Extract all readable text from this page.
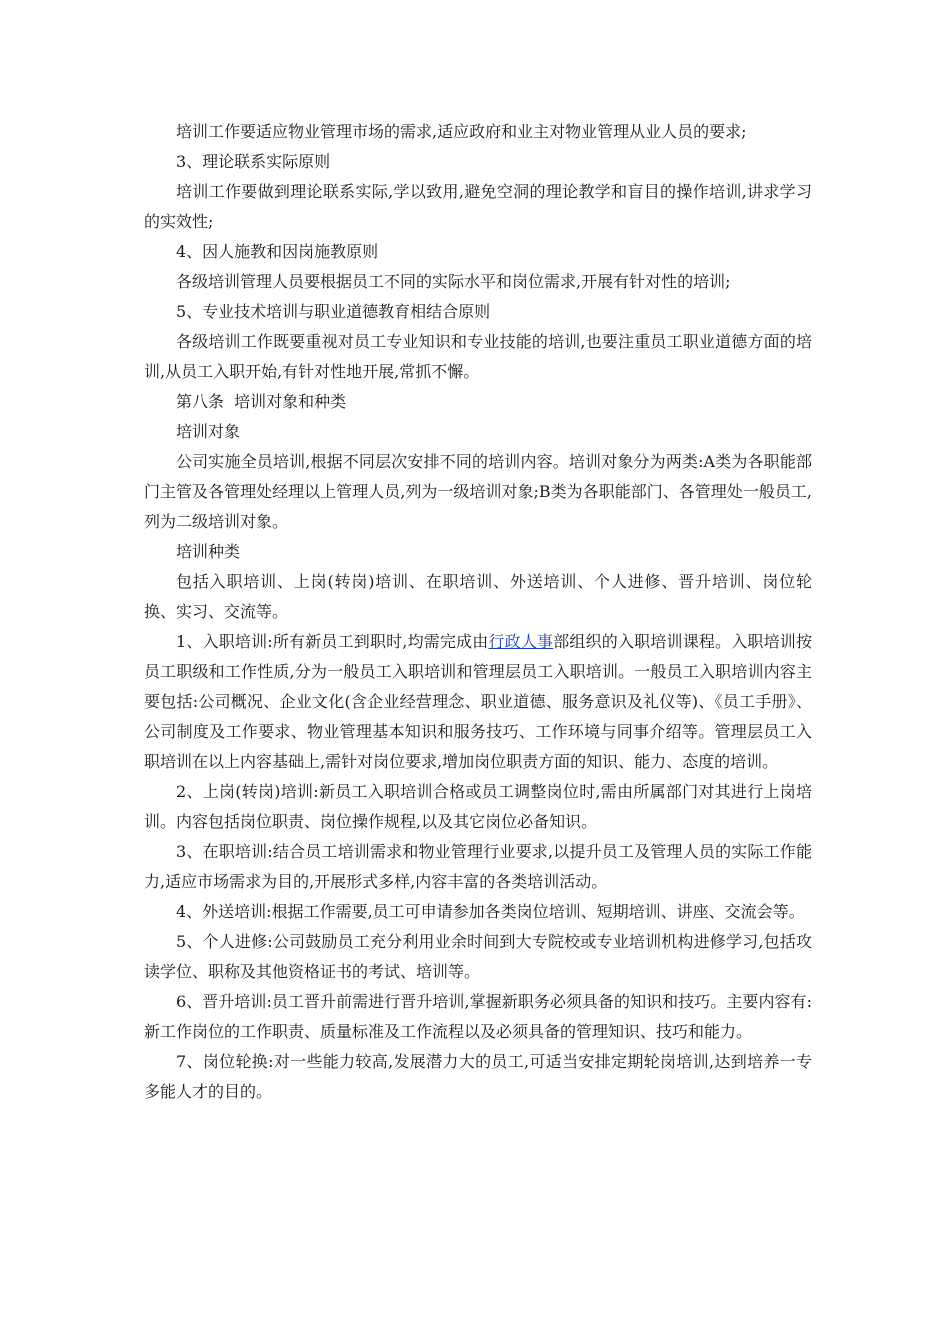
培训工作要适应物业管理市场的需求,适应政府和业主对物业管理从业人员的要求;

3、理论联系实际原则

培训工作要做到理论联系实际,学以致用,避免空洞的理论教学和盲目的操作培训,讲求学习的实效性;

4、因人施教和因岗施教原则

各级培训管理人员要根据员工不同的实际水平和岗位需求,开展有针对性的培训;

5、专业技术培训与职业道德教育相结合原则

各级培训工作既要重视对员工专业知识和专业技能的培训,也要注重员工职业道德方面的培训,从员工入职开始,有针对性地开展,常抓不懈。

第八条  培训对象和种类

培训对象

公司实施全员培训,根据不同层次安排不同的培训内容。培训对象分为两类:A类为各职能部门主管及各管理处经理以上管理人员,列为一级培训对象;B类为各职能部门、各管理处一般员工,列为二级培训对象。

培训种类

包括入职培训、上岗(转岗)培训、在职培训、外送培训、个人进修、晋升培训、岗位轮换、实习、交流等。

1、入职培训:所有新员工到职时,均需完成由行政人事部组织的入职培训课程。入职培训按员工职级和工作性质,分为一般员工入职培训和管理层员工入职培训。一般员工入职培训内容主要包括:公司概况、企业文化(含企业经营理念、职业道德、服务意识及礼仪等)、《员工手册》、公司制度及工作要求、物业管理基本知识和服务技巧、工作环境与同事介绍等。管理层员工入职培训在以上内容基础上,需针对岗位要求,增加岗位职责方面的知识、能力、态度的培训。

2、上岗(转岗)培训:新员工入职培训合格或员工调整岗位时,需由所属部门对其进行上岗培训。内容包括岗位职责、岗位操作规程,以及其它岗位必备知识。

3、在职培训:结合员工培训需求和物业管理行业要求,以提升员工及管理人员的实际工作能力,适应市场需求为目的,开展形式多样,内容丰富的各类培训活动。

4、外送培训:根据工作需要,员工可申请参加各类岗位培训、短期培训、讲座、交流会等。

5、个人进修:公司鼓励员工充分利用业余时间到大专院校或专业培训机构进修学习,包括攻读学位、职称及其他资格证书的考试、培训等。

6、晋升培训:员工晋升前需进行晋升培训,掌握新职务必须具备的知识和技巧。主要内容有:新工作岗位的工作职责、质量标准及工作流程以及必须具备的管理知识、技巧和能力。

7、岗位轮换:对一些能力较高,发展潜力大的员工,可适当安排定期轮岗培训,达到培养一专多能人才的目的。
